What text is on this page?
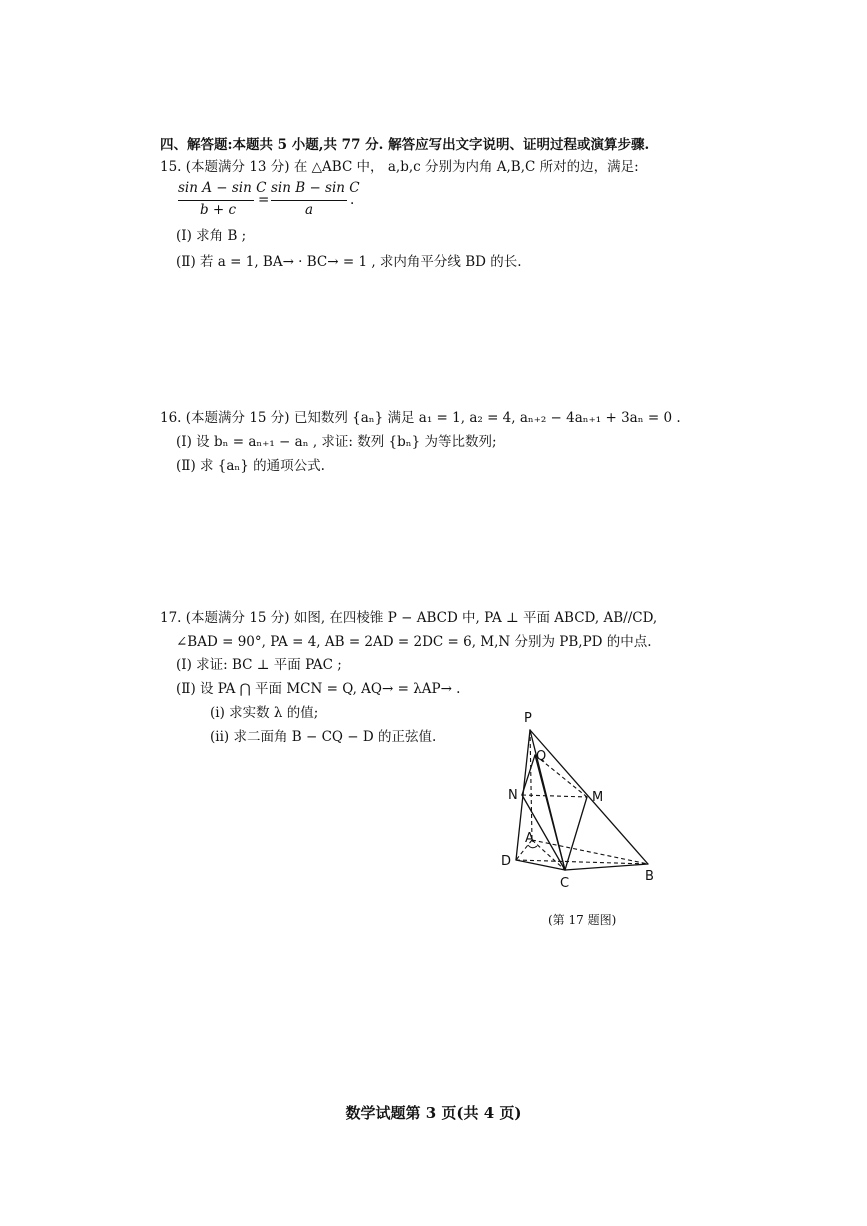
四、解答题:本题共 5 小题,共 77 分. 解答应写出文字说明、证明过程或演算步骤.
15. (本题满分 13 分) 在 △ABC 中， a,b,c 分别为内角 A,B,C 所对的边，满足:
sin A − sin C
b + c
=
sin B − sin C
a
.
(Ⅰ) 求角 B ;
(Ⅱ) 若 a = 1, BA→ · BC→ = 1 , 求内角平分线 BD 的长.
16. (本题满分 15 分) 已知数列 {aₙ} 满足 a₁ = 1, a₂ = 4, aₙ₊₂ − 4aₙ₊₁ + 3aₙ = 0 .
(Ⅰ) 设 bₙ = aₙ₊₁ − aₙ , 求证: 数列 {bₙ} 为等比数列;
(Ⅱ) 求 {aₙ} 的通项公式.
17. (本题满分 15 分) 如图, 在四棱锥 P − ABCD 中, PA ⊥ 平面 ABCD, AB//CD,
∠BAD = 90°, PA = 4, AB = 2AD = 2DC = 6, M,N 分别为 PB,PD 的中点.
(Ⅰ) 求证: BC ⊥ 平面 PAC ;
(Ⅱ) 设 PA ⋂ 平面 MCN = Q, AQ→ = λAP→ .
(i) 求实数 λ 的值;
(ii) 求二面角 B − CQ − D 的正弦值.
P
Q
N	M
A
D
C	B
(第 17 题图)
数学试题第 3 页(共 4 页)
